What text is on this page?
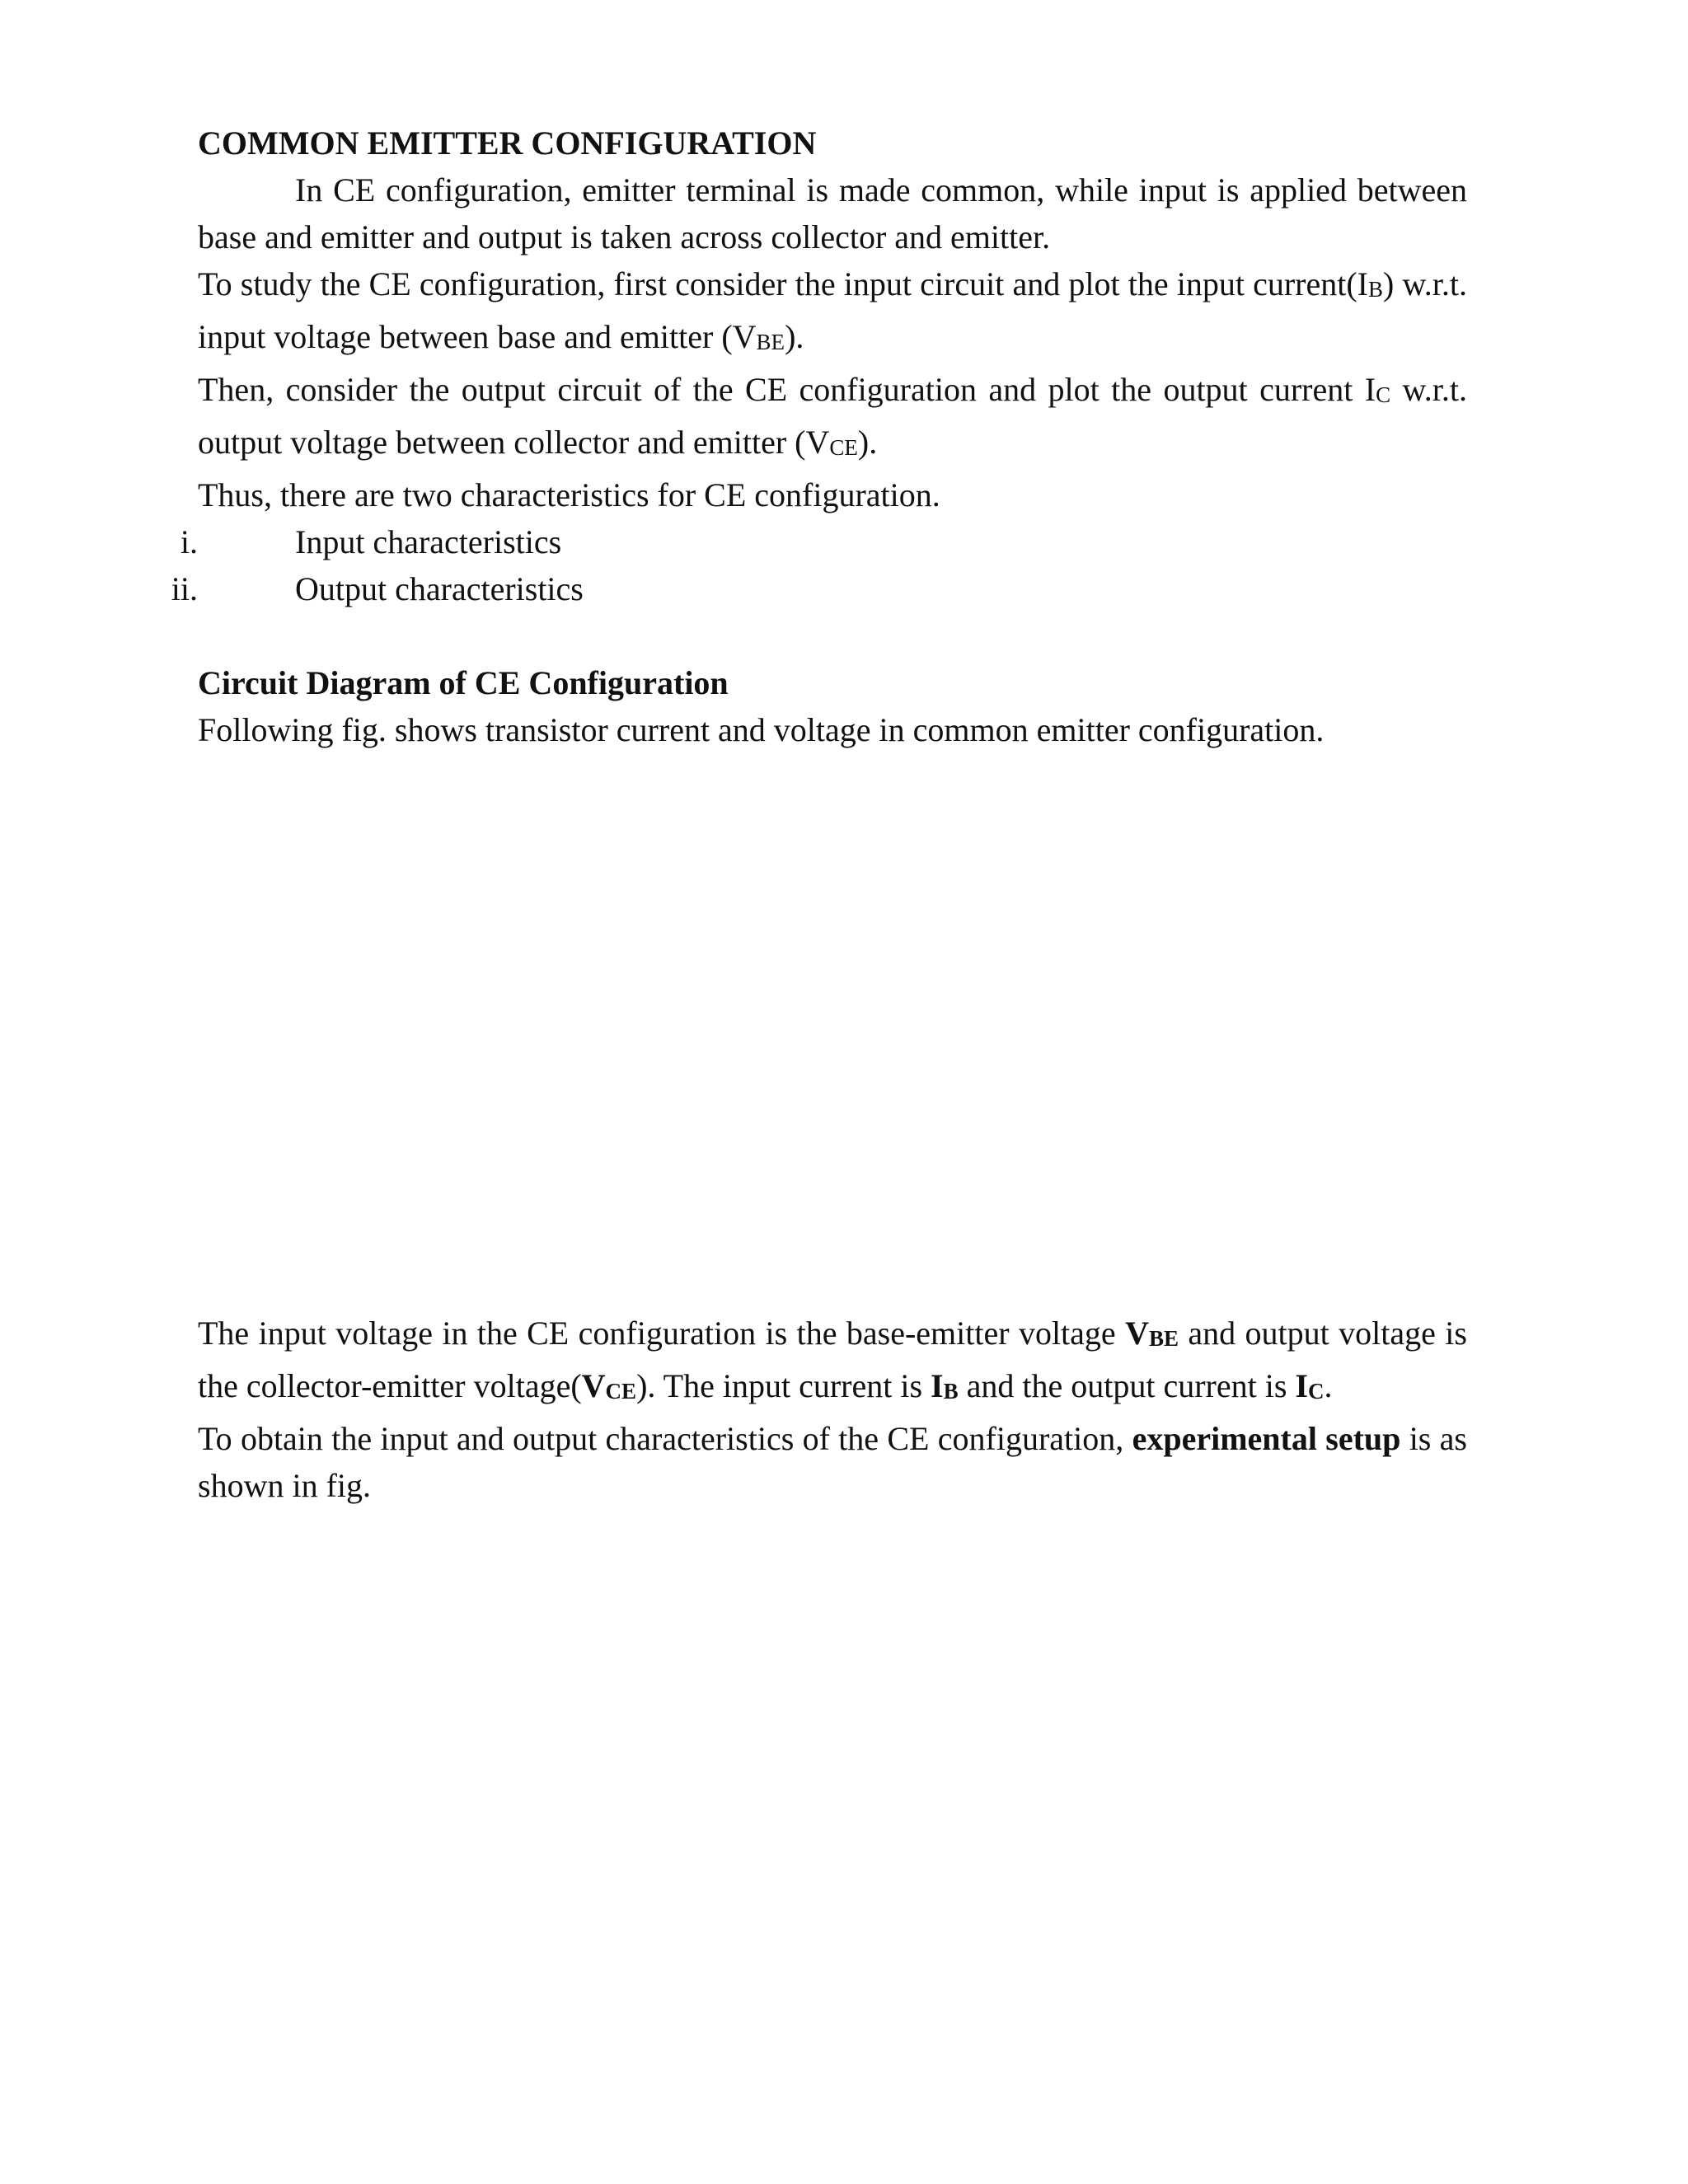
COMMON EMITTER CONFIGURATION

In CE configuration, emitter terminal is made common, while input is applied between base and emitter and output is taken across collector and emitter.

To study the CE configuration, first consider the input circuit and plot the input current(IB) w.r.t. input voltage between base and emitter (VBE).

Then, consider the output circuit of the CE configuration and plot the output current IC w.r.t. output voltage between collector and emitter (VCE).

Thus, there are two characteristics for CE configuration.

i.	Input characteristics
ii.	Output characteristics
Circuit Diagram of CE Configuration

Following fig. shows transistor current and voltage in common emitter configuration.

The input voltage in the CE configuration is the base-emitter voltage VBE and output voltage is the collector-emitter voltage(VCE). The input current is IB and the output current is IC.

To obtain the input and output characteristics of the CE configuration, experimental setup is as shown in fig.
